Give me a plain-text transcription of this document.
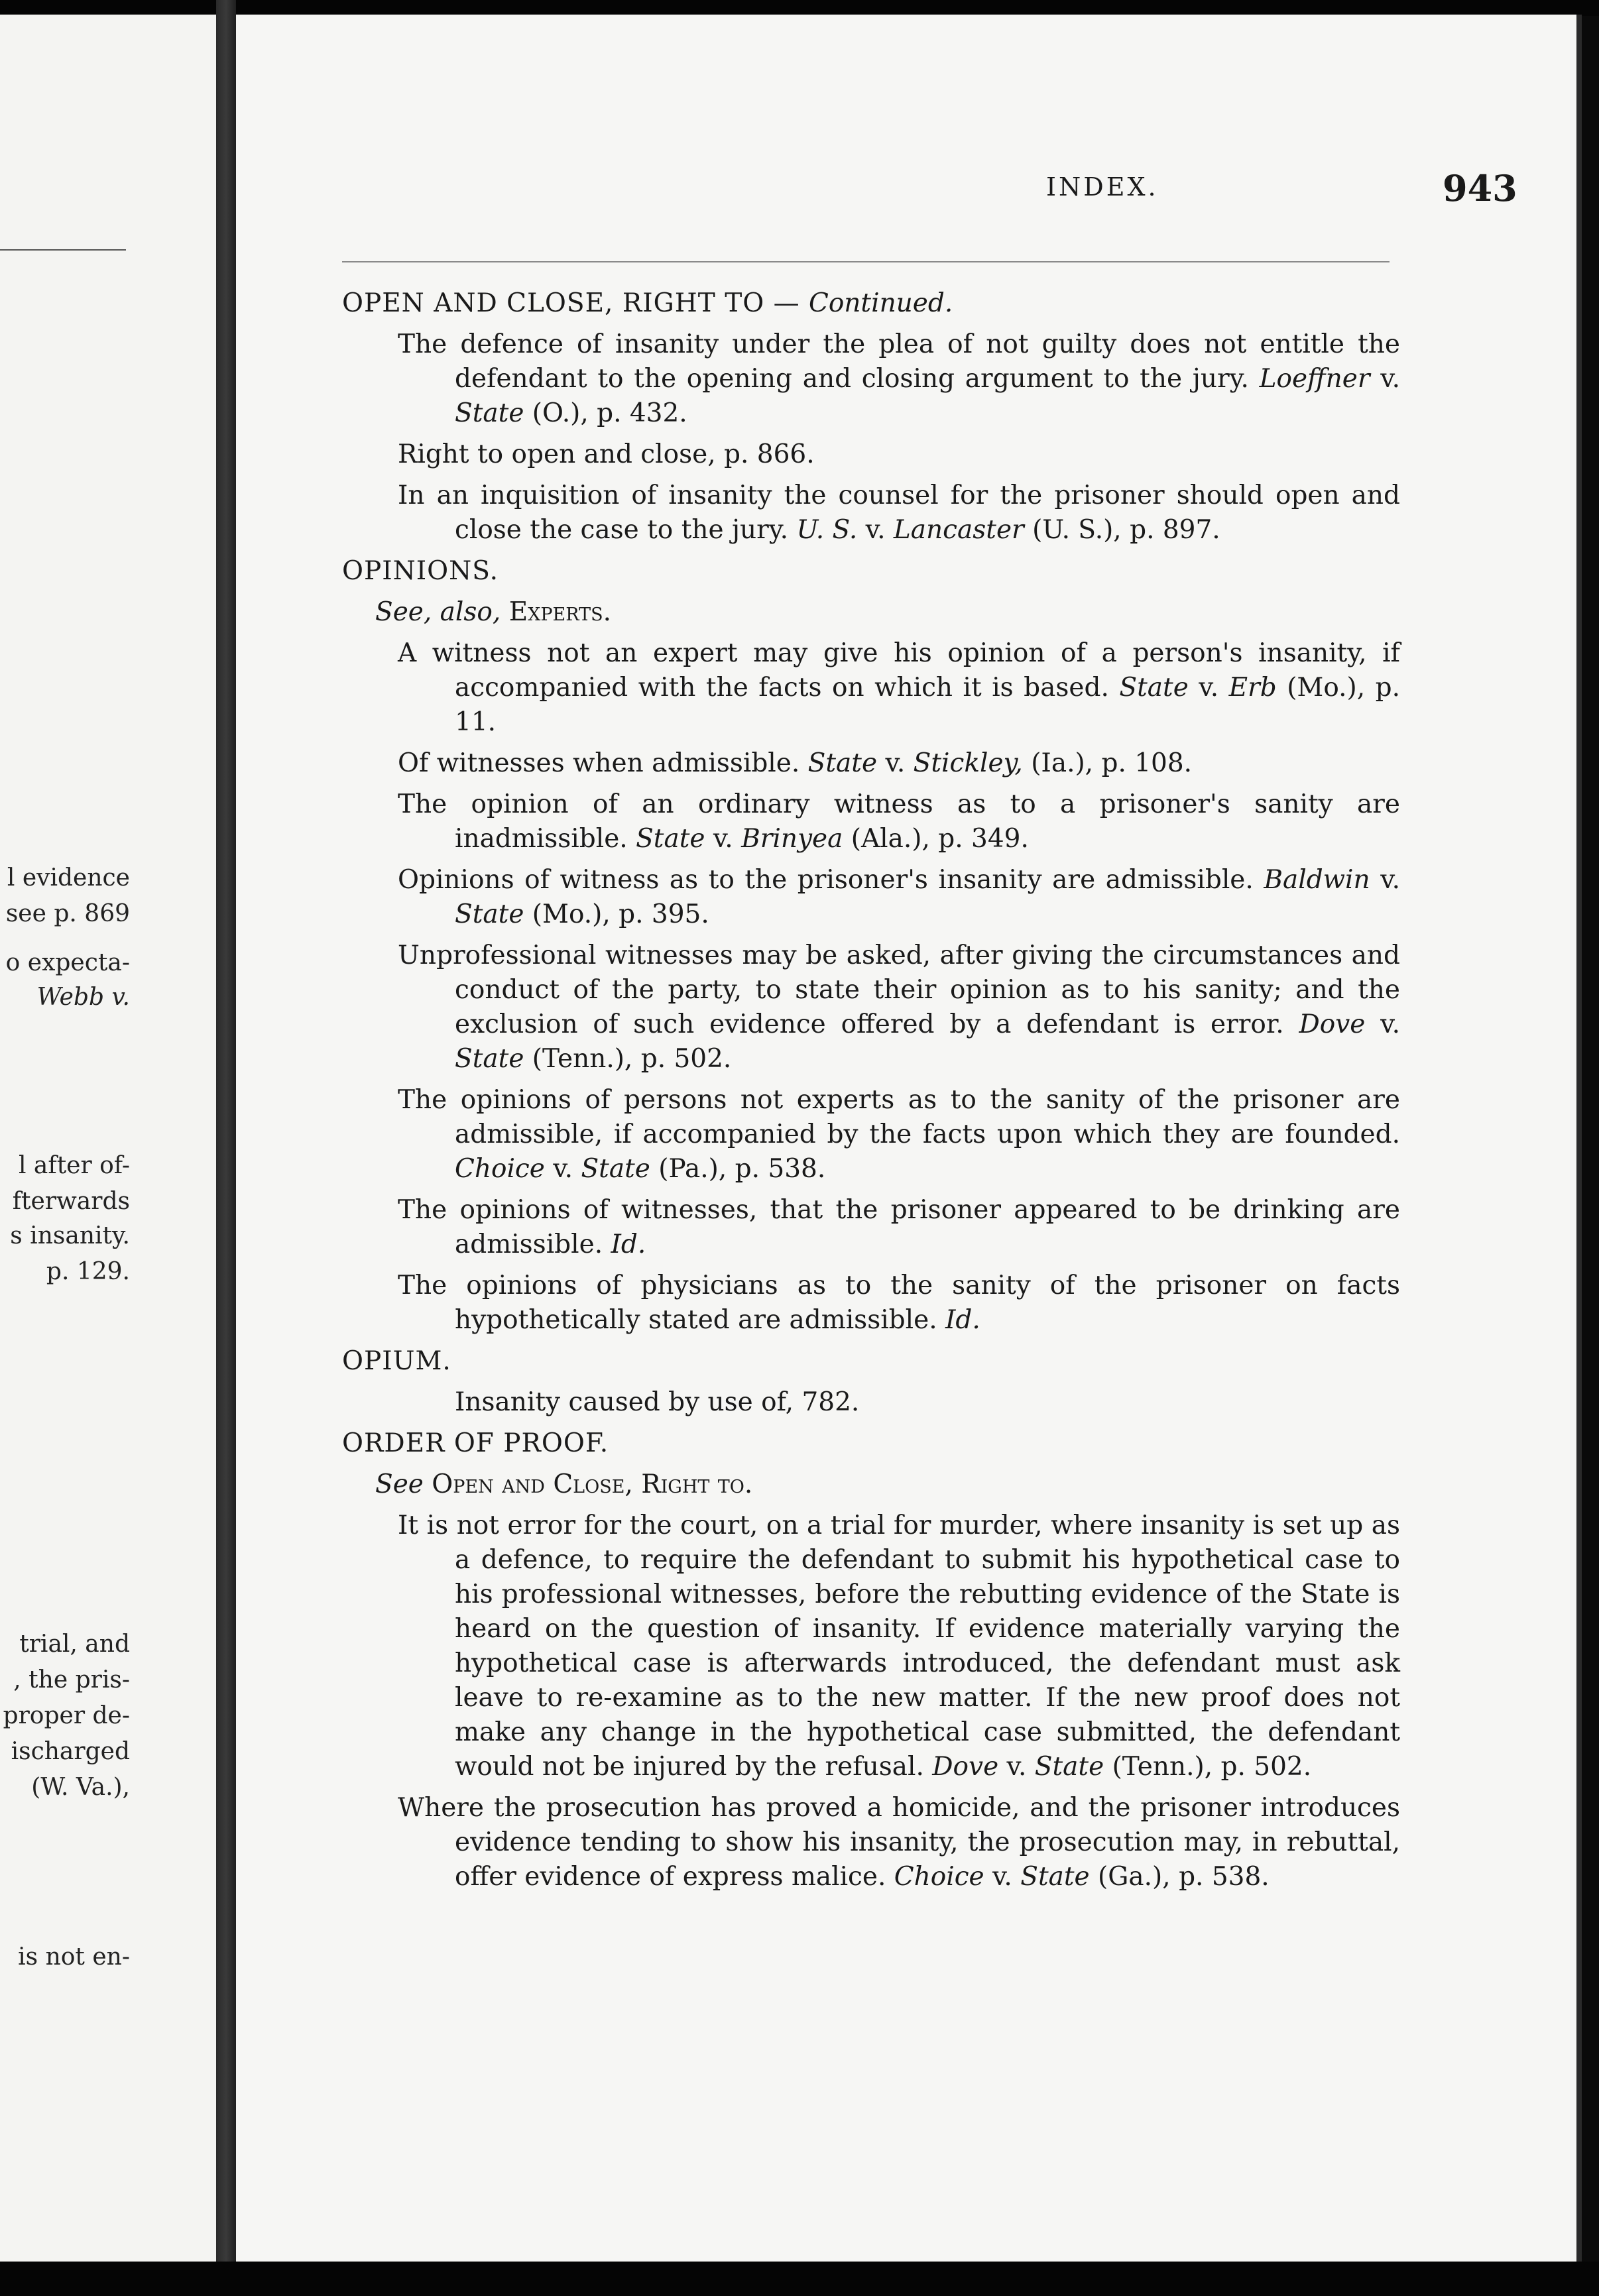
l evidence
see p. 869
o expecta-
Webb v.
l after of-
fterwards
s insanity.
p. 129.
trial, and
, the pris-
proper de-
ischarged
(W. Va.),
is not en-
INDEX.	943

OPEN AND CLOSE, RIGHT TO — Continued.

The defence of insanity under the plea of not guilty does not entitle the defendant to the opening and closing argument to the jury. Loeffner v. State (O.), p. 432.

Right to open and close, p. 866.

In an inquisition of insanity the counsel for the prisoner should open and close the case to the jury. U. S. v. Lancaster (U. S.), p. 897.

OPINIONS.

See, also, Experts.

A witness not an expert may give his opinion of a person's insanity, if accompanied with the facts on which it is based. State v. Erb (Mo.), p. 11.

Of witnesses when admissible. State v. Stickley, (Ia.), p. 108.

The opinion of an ordinary witness as to a prisoner's sanity are inadmissible. State v. Brinyea (Ala.), p. 349.

Opinions of witness as to the prisoner's insanity are admissible. Baldwin v. State (Mo.), p. 395.

Unprofessional witnesses may be asked, after giving the circumstances and conduct of the party, to state their opinion as to his sanity; and the exclusion of such evidence offered by a defendant is error. Dove v. State (Tenn.), p. 502.

The opinions of persons not experts as to the sanity of the prisoner are admissible, if accompanied by the facts upon which they are founded. Choice v. State (Pa.), p. 538.

The opinions of witnesses, that the prisoner appeared to be drinking are admissible. Id.

The opinions of physicians as to the sanity of the prisoner on facts hypothetically stated are admissible. Id.

OPIUM.

Insanity caused by use of, 782.

ORDER OF PROOF.

See Open and Close, Right to.

It is not error for the court, on a trial for murder, where insanity is set up as a defence, to require the defendant to submit his hypothetical case to his professional witnesses, before the rebutting evidence of the State is heard on the question of insanity. If evidence materially varying the hypothetical case is afterwards introduced, the defendant must ask leave to re-examine as to the new matter. If the new proof does not make any change in the hypothetical case submitted, the defendant would not be injured by the refusal. Dove v. State (Tenn.), p. 502.

Where the prosecution has proved a homicide, and the prisoner introduces evidence tending to show his insanity, the prosecution may, in rebuttal, offer evidence of express malice. Choice v. State (Ga.), p. 538.
